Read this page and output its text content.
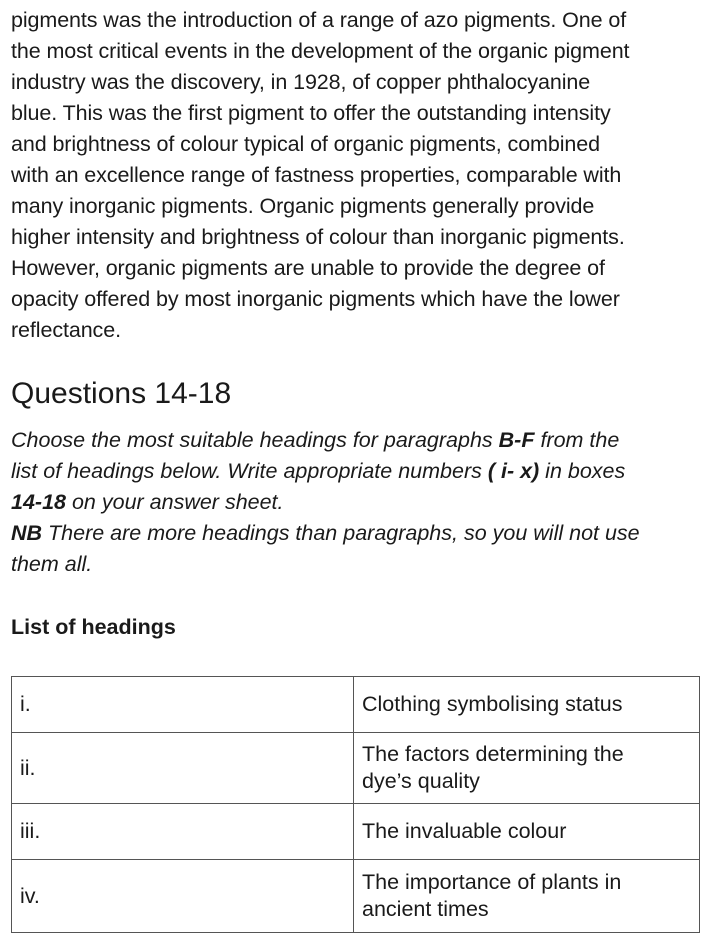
pigments was the introduction of a range of azo pigments. One of
the most critical events in the development of the organic pigment
industry was the discovery, in 1928, of copper phthalocyanine
blue. This was the first pigment to offer the outstanding intensity
and brightness of colour typical of organic pigments, combined
with an excellence range of fastness properties, comparable with
many inorganic pigments. Organic pigments generally provide
higher intensity and brightness of colour than inorganic pigments.
However, organic pigments are unable to provide the degree of
opacity offered by most inorganic pigments which have the lower
reflectance.
Questions 14-18
Choose the most suitable headings for paragraphs B-F from the
list of headings below. Write appropriate numbers ( i- x) in boxes
14-18 on your answer sheet.
NB There are more headings than paragraphs, so you will not use
them all.
List of headings
i.	Clothing symbolising status
ii.	The factors determining the
dye’s quality
iii.	The invaluable colour
iv.	The importance of plants in
ancient times
